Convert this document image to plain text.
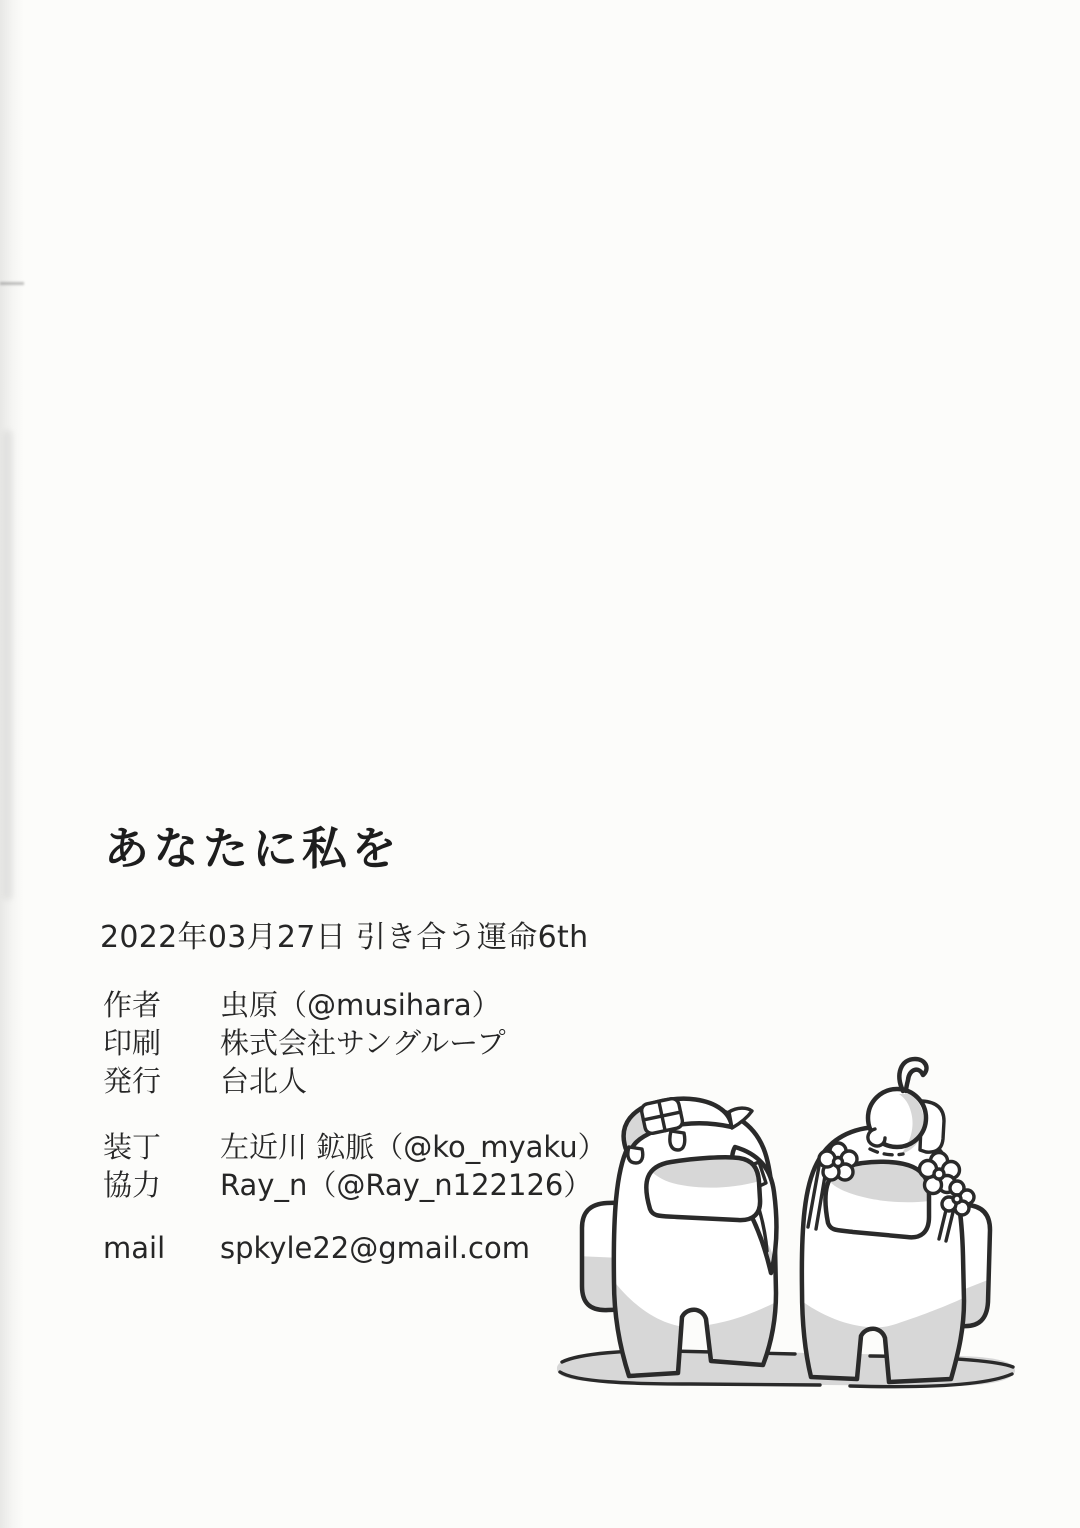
あなたに私を
2022年03月27日 引き合う運命6th
作者	虫原（@musihara）
印刷	株式会社サングループ
発行	台北人
装丁	左近川 鉱脈（@ko_myaku）
協力	Ray_n（@Ray_n122126）
mail	spkyle22@gmail.com
